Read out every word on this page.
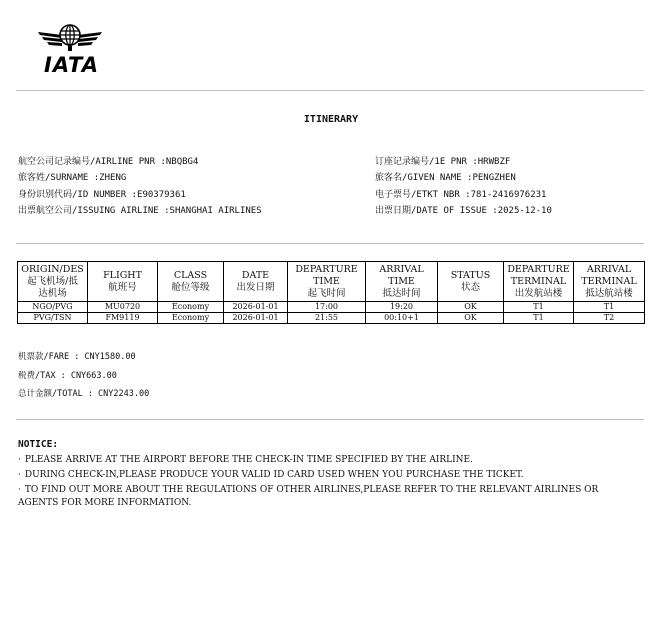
IATA
ITINERARY
航空公司记录编号/AIRLINE PNR :NBQBG4
旅客姓/SURNAME :ZHENG
身份识别代码/ID NUMBER :E90379361
出票航空公司/ISSUING AIRLINE :SHANGHAI AIRLINES
订座记录编号/1E PNR :HRWBZF
旅客名/GIVEN NAME :PENGZHEN
电子票号/ETKT NBR :781-2416976231
出票日期/DATE OF ISSUE :2025-12-10
ORIGIN/DES
起飞机场/抵
达机场	FLIGHT
航班号	CLASS
舱位等级	DATE
出发日期	DEPARTURE
TIME
起飞时间	ARRIVAL
TIME
抵达时间	STATUS
状态	DEPARTURE
TERMINAL
出发航站楼	ARRIVAL
TERMINAL
抵达航站楼

NGO/PVG	MU0720	Economy	2026-01-01	17:00	19:20	OK	T1	T1
PVG/TSN	FM9119	Economy	2026-01-01	21:55	00:10+1	OK	T1	T2
机票款/FARE : CNY1580.00
税费/TAX : CNY663.00
总计金额/TOTAL : CNY2243.00
NOTICE:
· PLEASE ARRIVE AT THE AIRPORT BEFORE THE CHECK-IN TIME SPECIFIED BY THE AIRLINE.
· DURING CHECK-IN,PLEASE PRODUCE YOUR VALID ID CARD USED WHEN YOU PURCHASE THE TICKET.
· TO FIND OUT MORE ABOUT THE REGULATIONS OF OTHER AIRLINES,PLEASE REFER TO THE RELEVANT AIRLINES OR AGENTS FOR MORE INFORMATION.
